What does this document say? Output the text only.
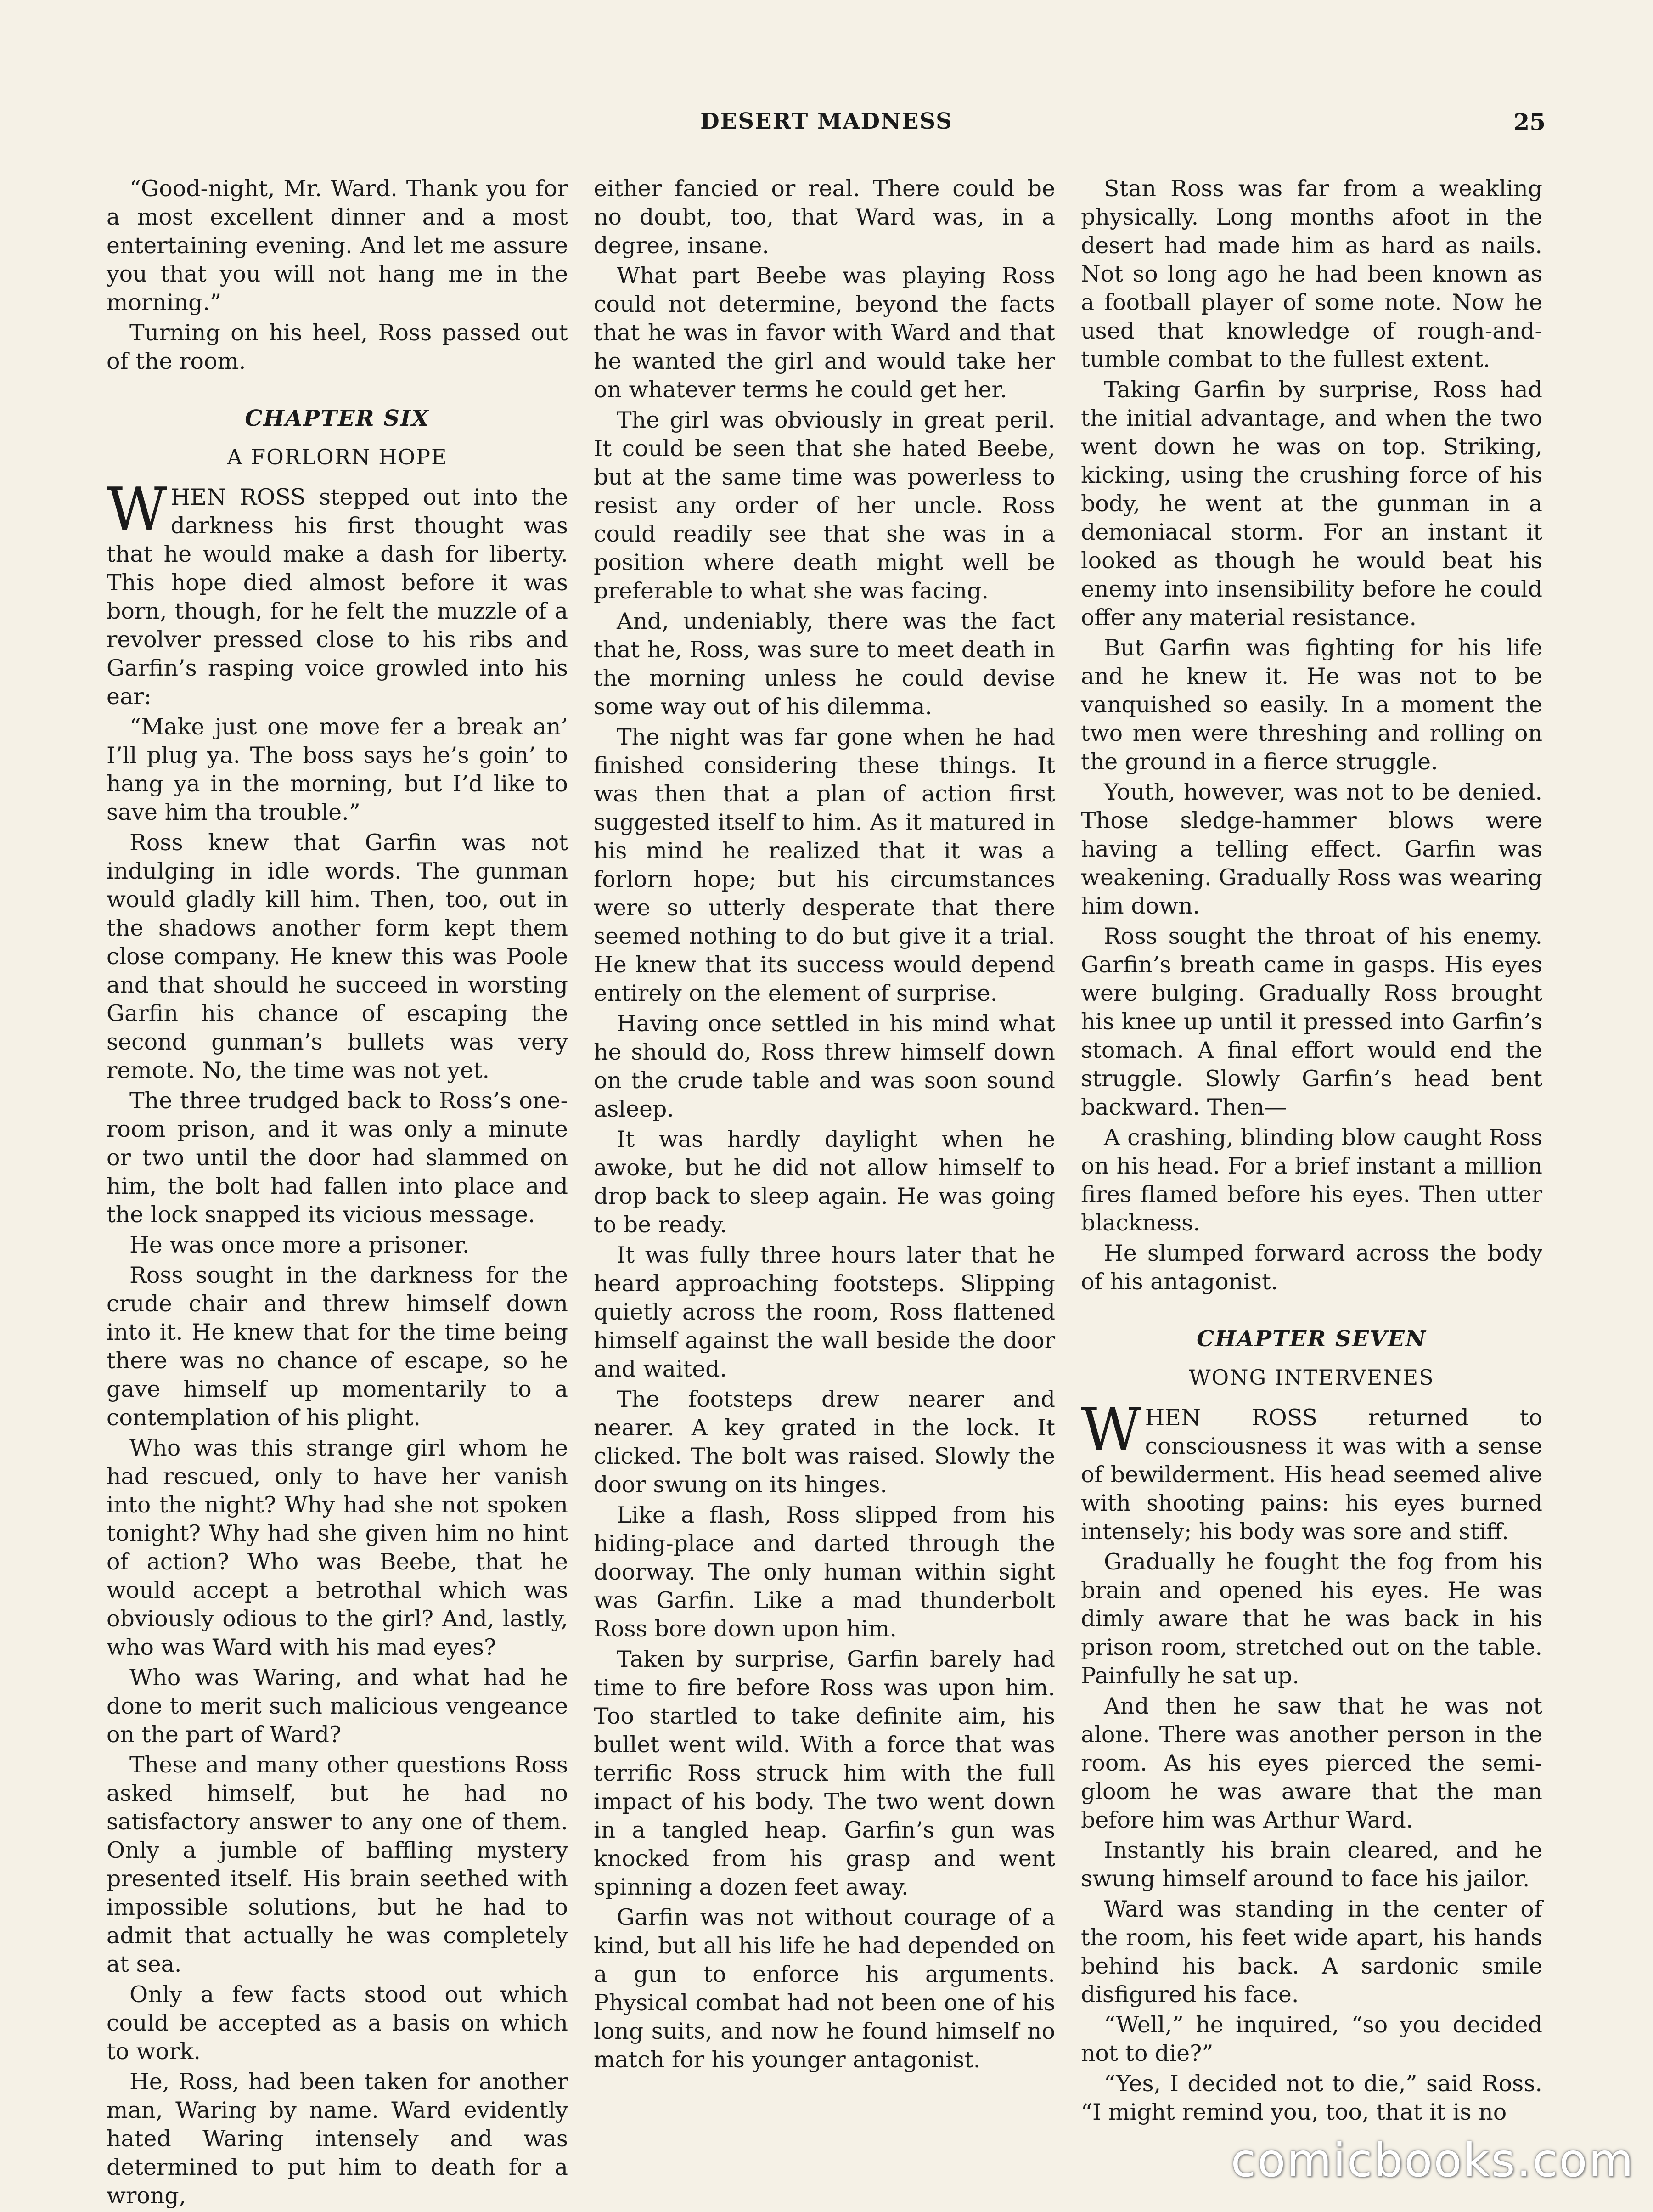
DESERT MADNESS	25

“Good-night, Mr. Ward. Thank you for a most excellent dinner and a most entertaining evening. And let me assure you that you will not hang me in the morning.”

Turning on his heel, Ross passed out of the room.

CHAPTER SIX
A FORLORN HOPE

WHEN ROSS stepped out into the darkness his first thought was that he would make a dash for liberty. This hope died almost before it was born, though, for he felt the muzzle of a revolver pressed close to his ribs and Garfin’s rasping voice growled into his ear:

“Make just one move fer a break an’ I’ll plug ya. The boss says he’s goin’ to hang ya in the morning, but I’d like to save him tha trouble.”

Ross knew that Garfin was not indulging in idle words. The gunman would gladly kill him. Then, too, out in the shadows another form kept them close company. He knew this was Poole and that should he succeed in worsting Garfin his chance of escaping the second gunman’s bullets was very remote. No, the time was not yet.

The three trudged back to Ross’s one-room prison, and it was only a minute or two until the door had slammed on him, the bolt had fallen into place and the lock snapped its vicious message.

He was once more a prisoner.

Ross sought in the darkness for the crude chair and threw himself down into it. He knew that for the time being there was no chance of escape, so he gave himself up momentarily to a contemplation of his plight.

Who was this strange girl whom he had rescued, only to have her vanish into the night? Why had she not spoken tonight? Why had she given him no hint of action? Who was Beebe, that he would accept a betrothal which was obviously odious to the girl? And, lastly, who was Ward with his mad eyes?

Who was Waring, and what had he done to merit such malicious vengeance on the part of Ward?

These and many other questions Ross asked himself, but he had no satisfactory answer to any one of them. Only a jumble of baffling mystery presented itself. His brain seethed with impossible solutions, but he had to admit that actually he was completely at sea.

Only a few facts stood out which could be accepted as a basis on which to work.

He, Ross, had been taken for another man, Waring by name. Ward evidently hated Waring intensely and was determined to put him to death for a wrong,

either fancied or real. There could be no doubt, too, that Ward was, in a degree, insane.

What part Beebe was playing Ross could not determine, beyond the facts that he was in favor with Ward and that he wanted the girl and would take her on whatever terms he could get her.

The girl was obviously in great peril. It could be seen that she hated Beebe, but at the same time was powerless to resist any order of her uncle. Ross could readily see that she was in a position where death might well be preferable to what she was facing.

And, undeniably, there was the fact that he, Ross, was sure to meet death in the morning unless he could devise some way out of his dilemma.

The night was far gone when he had finished considering these things. It was then that a plan of action first suggested itself to him. As it matured in his mind he realized that it was a forlorn hope; but his circumstances were so utterly desperate that there seemed nothing to do but give it a trial. He knew that its success would depend entirely on the element of surprise.

Having once settled in his mind what he should do, Ross threw himself down on the crude table and was soon sound asleep.

It was hardly daylight when he awoke, but he did not allow himself to drop back to sleep again. He was going to be ready.

It was fully three hours later that he heard approaching footsteps. Slipping quietly across the room, Ross flattened himself against the wall beside the door and waited.

The footsteps drew nearer and nearer. A key grated in the lock. It clicked. The bolt was raised. Slowly the door swung on its hinges.

Like a flash, Ross slipped from his hiding-place and darted through the doorway. The only human within sight was Garfin. Like a mad thunderbolt Ross bore down upon him.

Taken by surprise, Garfin barely had time to fire before Ross was upon him. Too startled to take definite aim, his bullet went wild. With a force that was terrific Ross struck him with the full impact of his body. The two went down in a tangled heap. Garfin’s gun was knocked from his grasp and went spinning a dozen feet away.

Garfin was not without courage of a kind, but all his life he had depended on a gun to enforce his arguments. Physical combat had not been one of his long suits, and now he found himself no match for his younger antagonist.

Stan Ross was far from a weakling physically. Long months afoot in the desert had made him as hard as nails. Not so long ago he had been known as a football player of some note. Now he used that knowledge of rough-and-tumble combat to the fullest extent.

Taking Garfin by surprise, Ross had the initial advantage, and when the two went down he was on top. Striking, kicking, using the crushing force of his body, he went at the gunman in a demoniacal storm. For an instant it looked as though he would beat his enemy into insensibility before he could offer any material resistance.

But Garfin was fighting for his life and he knew it. He was not to be vanquished so easily. In a moment the two men were threshing and rolling on the ground in a fierce struggle.

Youth, however, was not to be denied. Those sledge-hammer blows were having a telling effect. Garfin was weakening. Gradually Ross was wearing him down.

Ross sought the throat of his enemy. Garfin’s breath came in gasps. His eyes were bulging. Gradually Ross brought his knee up until it pressed into Garfin’s stomach. A final effort would end the struggle. Slowly Garfin’s head bent backward. Then—

A crashing, blinding blow caught Ross on his head. For a brief instant a million fires flamed before his eyes. Then utter blackness.

He slumped forward across the body of his antagonist.

CHAPTER SEVEN
WONG INTERVENES

WHEN ROSS returned to consciousness it was with a sense of bewilderment. His head seemed alive with shooting pains: his eyes burned intensely; his body was sore and stiff.

Gradually he fought the fog from his brain and opened his eyes. He was dimly aware that he was back in his prison room, stretched out on the table. Painfully he sat up.

And then he saw that he was not alone. There was another person in the room. As his eyes pierced the semi-gloom he was aware that the man before him was Arthur Ward.

Instantly his brain cleared, and he swung himself around to face his jailor.

Ward was standing in the center of the room, his feet wide apart, his hands behind his back. A sardonic smile disfigured his face.

“Well,” he inquired, “so you decided not to die?”

“Yes, I decided not to die,” said Ross. “I might remind you, too, that it is no

comicbooks.com
